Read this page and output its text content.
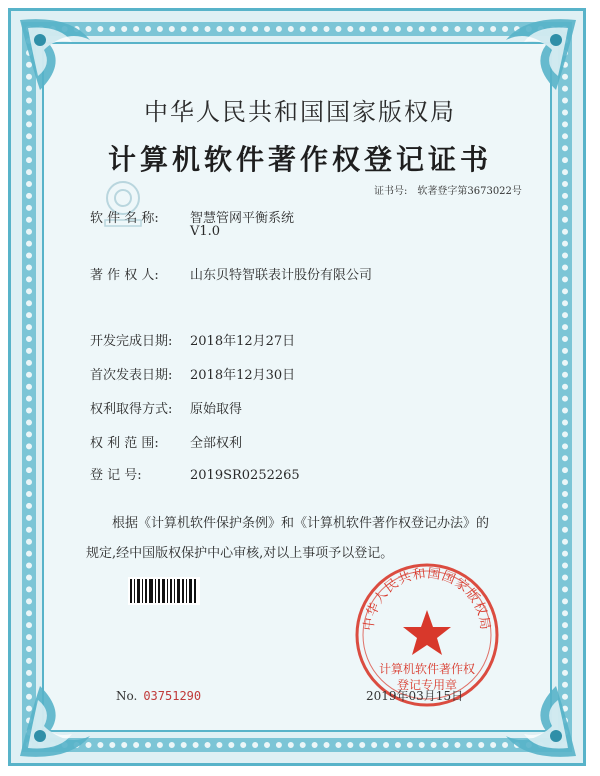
中华人民共和国国家版权局
计算机软件著作权登记证书
证书号: 软著登字第3673022号
软 件 名 称: 智慧管网平衡系统
V1.0
著 作 权 人: 山东贝特智联表计股份有限公司
开发完成日期: 2018年12月27日
首次发表日期: 2018年12月30日
权利取得方式: 原始取得
权 利 范 围: 全部权利
登 记 号:	2019SR0252265
根据《计算机软件保护条例》和《计算机软件著作权登记办法》的
规定,经中国版权保护中心审核,对以上事项予以登记。
中华人民共和国国家版权局
计算机软件著作权
登记专用章
No. 03751290	2019年03月15日
